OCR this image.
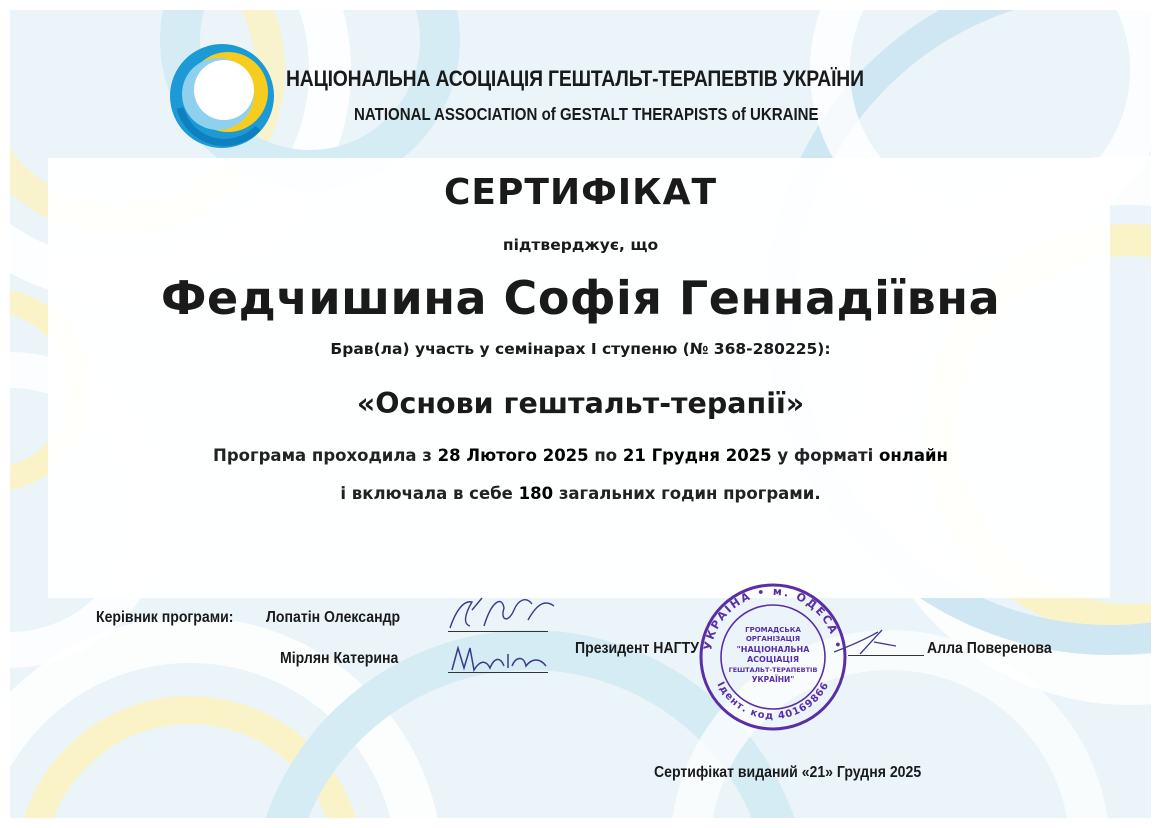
НАЦІОНАЛЬНА АСОЦІАЦІЯ ГЕШТАЛЬТ-ТЕРАПЕВТІВ УКРАЇНИ
NATIONAL ASSOCIATION of GESTALT THERAPISTS of UKRAINE
СЕРТИФІКАТ
підтверджує, що
Федчишина Софія Геннадіївна
Брав(ла) участь у семінарах І ступеню (№ 368-280225):
«Основи гештальт-терапії»
Програма проходила з 28 Лютого 2025 по 21 Грудня 2025 у форматі онлайн
і включала в себе 180 загальних годин програми.
Керівник програми: Лопатін Олександр
Мірлян Катерина
Президент НАГТУ	Алла Поверенова
УКРАЇНА • м. ОДЕСА •
Ідент. код 40169866
ГРОМАДСЬКА
ОРГАНІЗАЦІЯ
"НАЦІОНАЛЬНА
АСОЦІАЦІЯ
ГЕШТАЛЬТ-ТЕРАПЕВТІВ
УКРАЇНИ"
Сертифікат виданий «21» Грудня 2025
